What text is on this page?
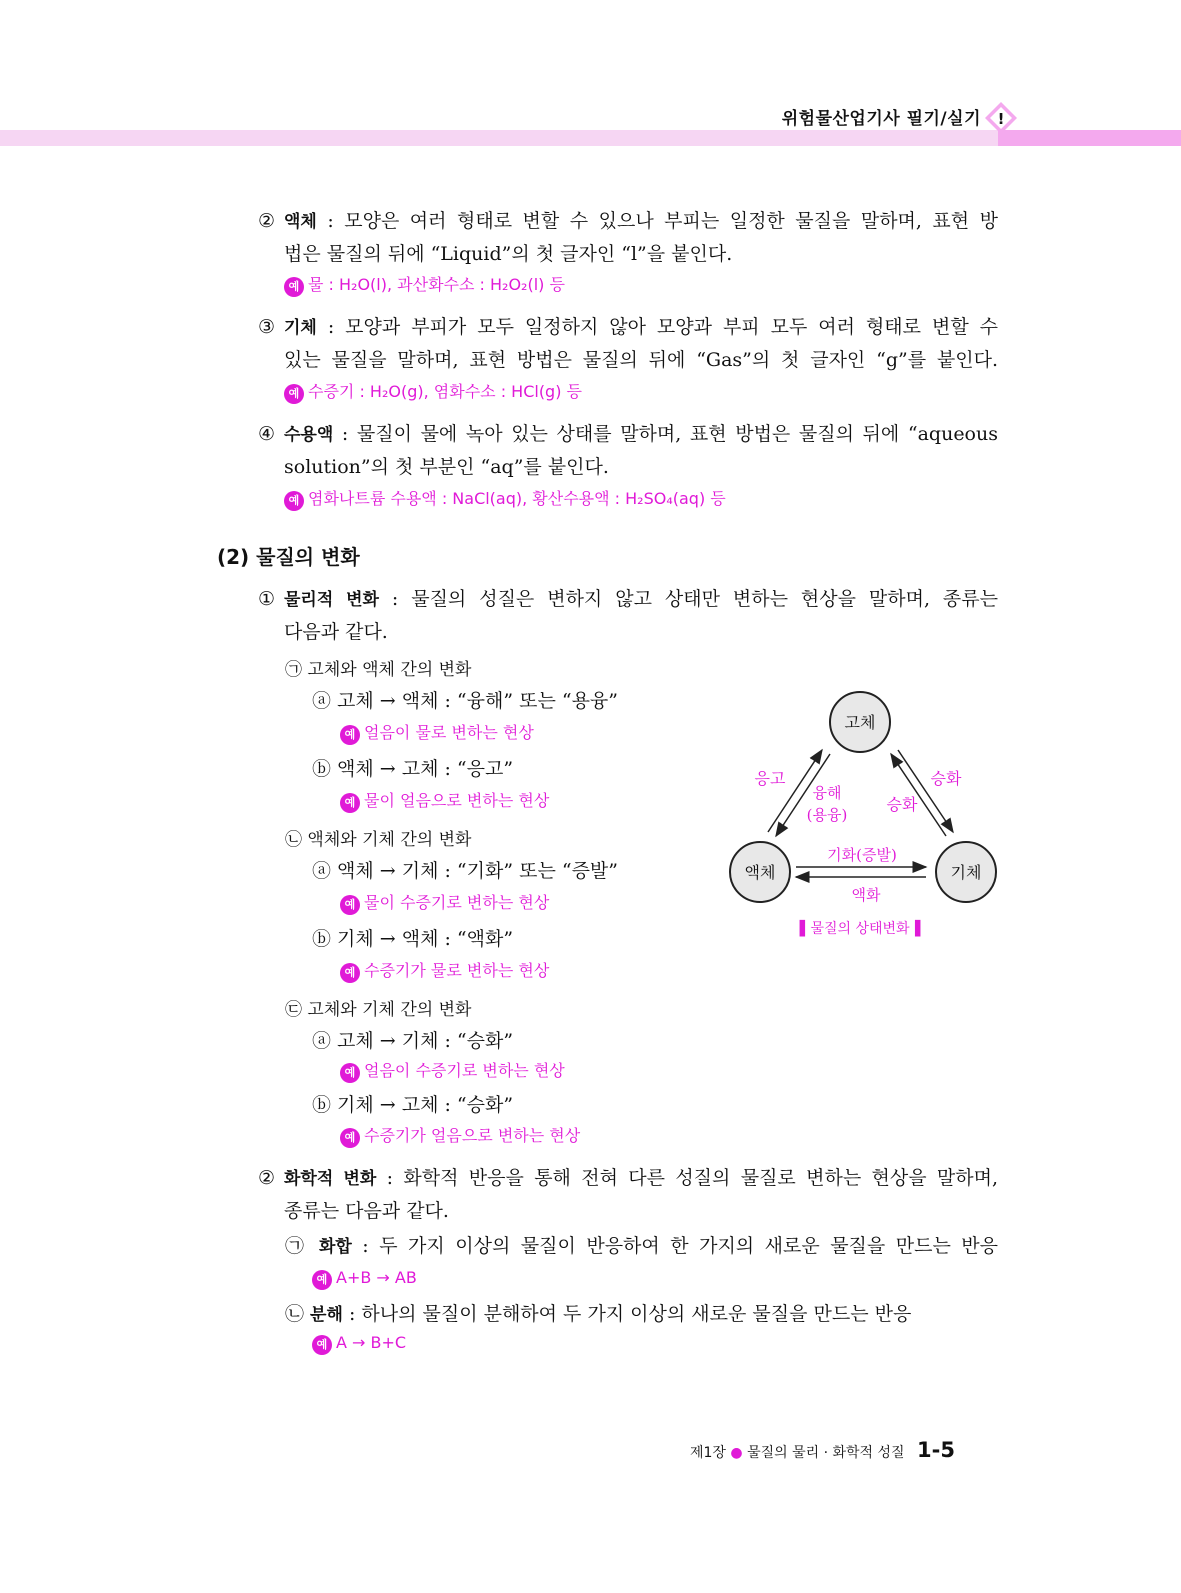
위험물산업기사 필기/실기 !
② 액체 : 모양은 여러 형태로 변할 수 있으나 부피는 일정한 물질을 말하며, 표현 방
법은 물질의 뒤에 “Liquid”의 첫 글자인 “l”을 붙인다.
예 물 : H₂O(l), 과산화수소 : H₂O₂(l) 등
③ 기체 : 모양과 부피가 모두 일정하지 않아 모양과 부피 모두 여러 형태로 변할 수
있는 물질을 말하며, 표현 방법은 물질의 뒤에 “Gas”의 첫 글자인 “g”를 붙인다.
예 수증기 : H₂O(g), 염화수소 : HCl(g) 등
④ 수용액 : 물질이 물에 녹아 있는 상태를 말하며, 표현 방법은 물질의 뒤에 “aqueous
solution”의 첫 부분인 “aq”를 붙인다.
예 염화나트륨 수용액 : NaCl(aq), 황산수용액 : H₂SO₄(aq) 등
(2) 물질의 변화
① 물리적 변화 : 물질의 성질은 변하지 않고 상태만 변하는 현상을 말하며, 종류는
다음과 같다.
㉠ 고체와 액체 간의 변화
ⓐ 고체 → 액체 : “융해” 또는 “용융”
예 얼음이 물로 변하는 현상
ⓑ 액체 → 고체 : “응고”
예 물이 얼음으로 변하는 현상
㉡ 액체와 기체 간의 변화
ⓐ 액체 → 기체 : “기화” 또는 “증발”
예 물이 수증기로 변하는 현상
ⓑ 기체 → 액체 : “액화”
예 수증기가 물로 변하는 현상
㉢ 고체와 기체 간의 변화
ⓐ 고체 → 기체 : “승화”
예 얼음이 수증기로 변하는 현상
ⓑ 기체 → 고체 : “승화”
예 수증기가 얼음으로 변하는 현상
② 화학적 변화 : 화학적 반응을 통해 전혀 다른 성질의 물질로 변하는 현상을 말하며,
종류는 다음과 같다.
㉠ 화합 : 두 가지 이상의 물질이 반응하여 한 가지의 새로운 물질을 만드는 반응
예 A+B → AB
㉡ 분해 : 하나의 물질이 분해하여 두 가지 이상의 새로운 물질을 만드는 반응
예 A → B+C
고체
액체	기체
응고
융해
(용융)
승화
승화
기화(증발)
액화
▌물질의 상태변화▐
제1장 ● 물질의 물리 · 화학적 성질 1-5
